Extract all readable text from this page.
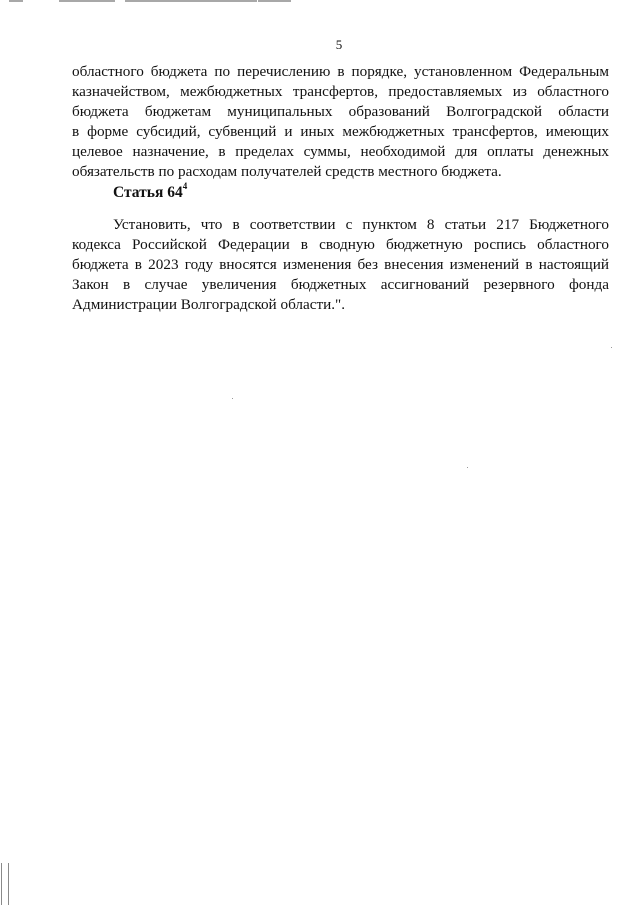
5
областного бюджета по перечислению в порядке, установленном Федеральным
казначейством, межбюджетных трансфертов, предоставляемых из областного
бюджета бюджетам муниципальных образований Волгоградской области
в форме субсидий, субвенций и иных межбюджетных трансфертов, имеющих
целевое назначение, в пределах суммы, необходимой для оплаты денежных
обязательств по расходам получателей средств местного бюджета.
Статья $64^4$
Установить, что в соответствии с пунктом 8 статьи 217 Бюджетного
кодекса Российской Федерации в сводную бюджетную роспись областного
бюджета в 2023 году вносятся изменения без внесения изменений в настоящий
Закон в случае увеличения бюджетных ассигнований резервного фонда
Администрации Волгоградской области.".
